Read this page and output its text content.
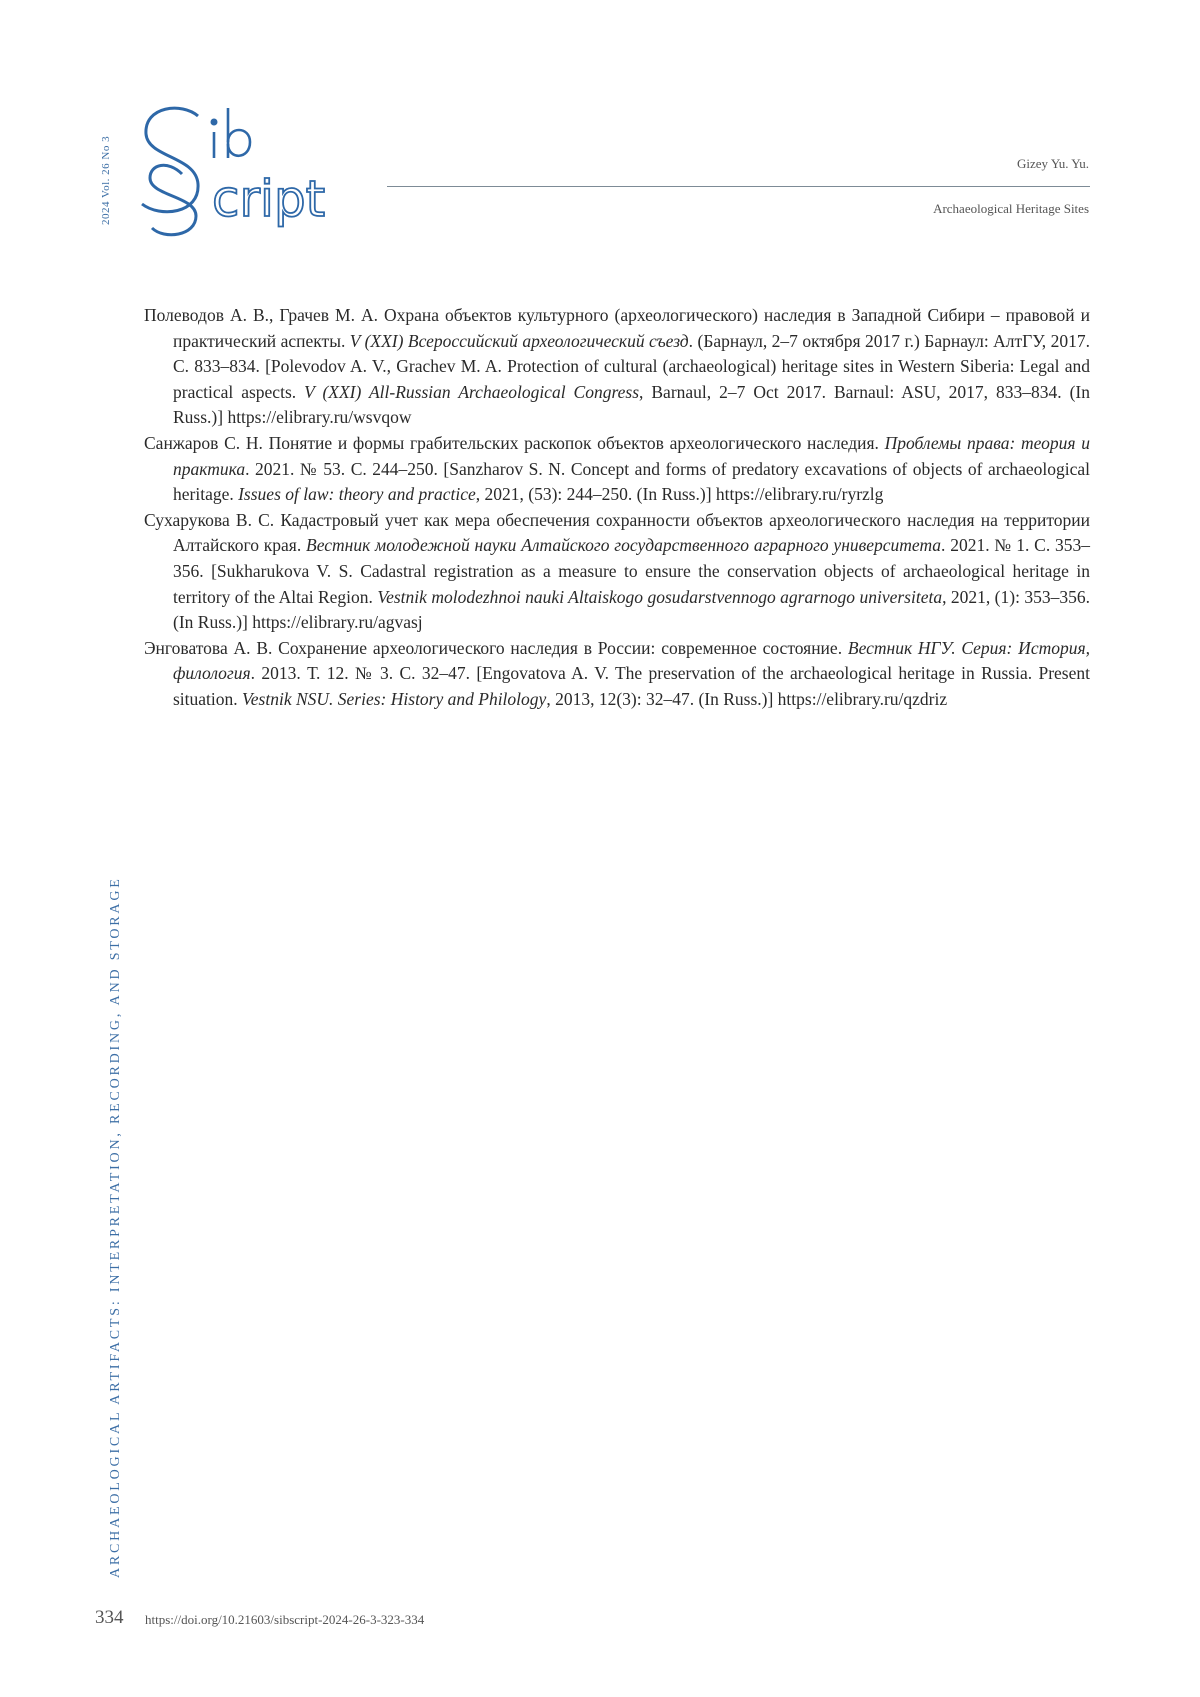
2024 Vol. 26 No 3 cript
Gizey Yu. Yu.
Archaeological Heritage Sites

Полеводов А. В., Грачев М. А. Охрана объектов культурного (археологического) наследия в Западной Сибири – правовой и практический аспекты. V (XXI) Всероссийский археологический съезд. (Барнаул, 2–7 октября 2017 г.) Барнаул: АлтГУ, 2017. С. 833–834. [Polevodov A. V., Grachev M. A. Protection of cultural (archaeological) heritage sites in Western Siberia: Legal and practical aspects. V (XXI) All-Russian Archaeological Congress, Barnaul, 2–7 Oct 2017. Barnaul: ASU, 2017, 833–834. (In Russ.)] https://elibrary.ru/wsvqow

Санжаров С. Н. Понятие и формы грабительских раскопок объектов археологического наследия. Проблемы права: теория и практика. 2021. № 53. С. 244–250. [Sanzharov S. N. Concept and forms of predatory excavations of objects of archaeological heritage. Issues of law: theory and practice, 2021, (53): 244–250. (In Russ.)] https://elibrary.ru/ryrzlg

Сухарукова В. С. Кадастровый учет как мера обеспечения сохранности объектов археологического наследия на территории Алтайского края. Вестник молодежной науки Алтайского государственного аграрного университета. 2021. № 1. С. 353–356. [Sukharukova V. S. Cadastral registration as a measure to ensure the conservation objects of archaeological heritage in territory of the Altai Region. Vestnik molodezhnoi nauki Altaiskogo gosudarstvennogo agrarnogo universiteta, 2021, (1): 353–356. (In Russ.)] https://elibrary.ru/agvasj

Энговатова А. В. Сохранение археологического наследия в России: современное состояние. Вестник НГУ. Серия: История, филология. 2013. Т. 12. № 3. С. 32–47. [Engovatova A. V. The preservation of the archaeological heritage in Russia. Present situation. Vestnik NSU. Series: History and Philology, 2013, 12(3): 32–47. (In Russ.)] https://elibrary.ru/qzdriz

ARCHAEOLOGICAL ARTIFACTS: INTERPRETATION, RECORDING, AND STORAGE
334 https://doi.org/10.21603/sibscript-2024-26-3-323-334
